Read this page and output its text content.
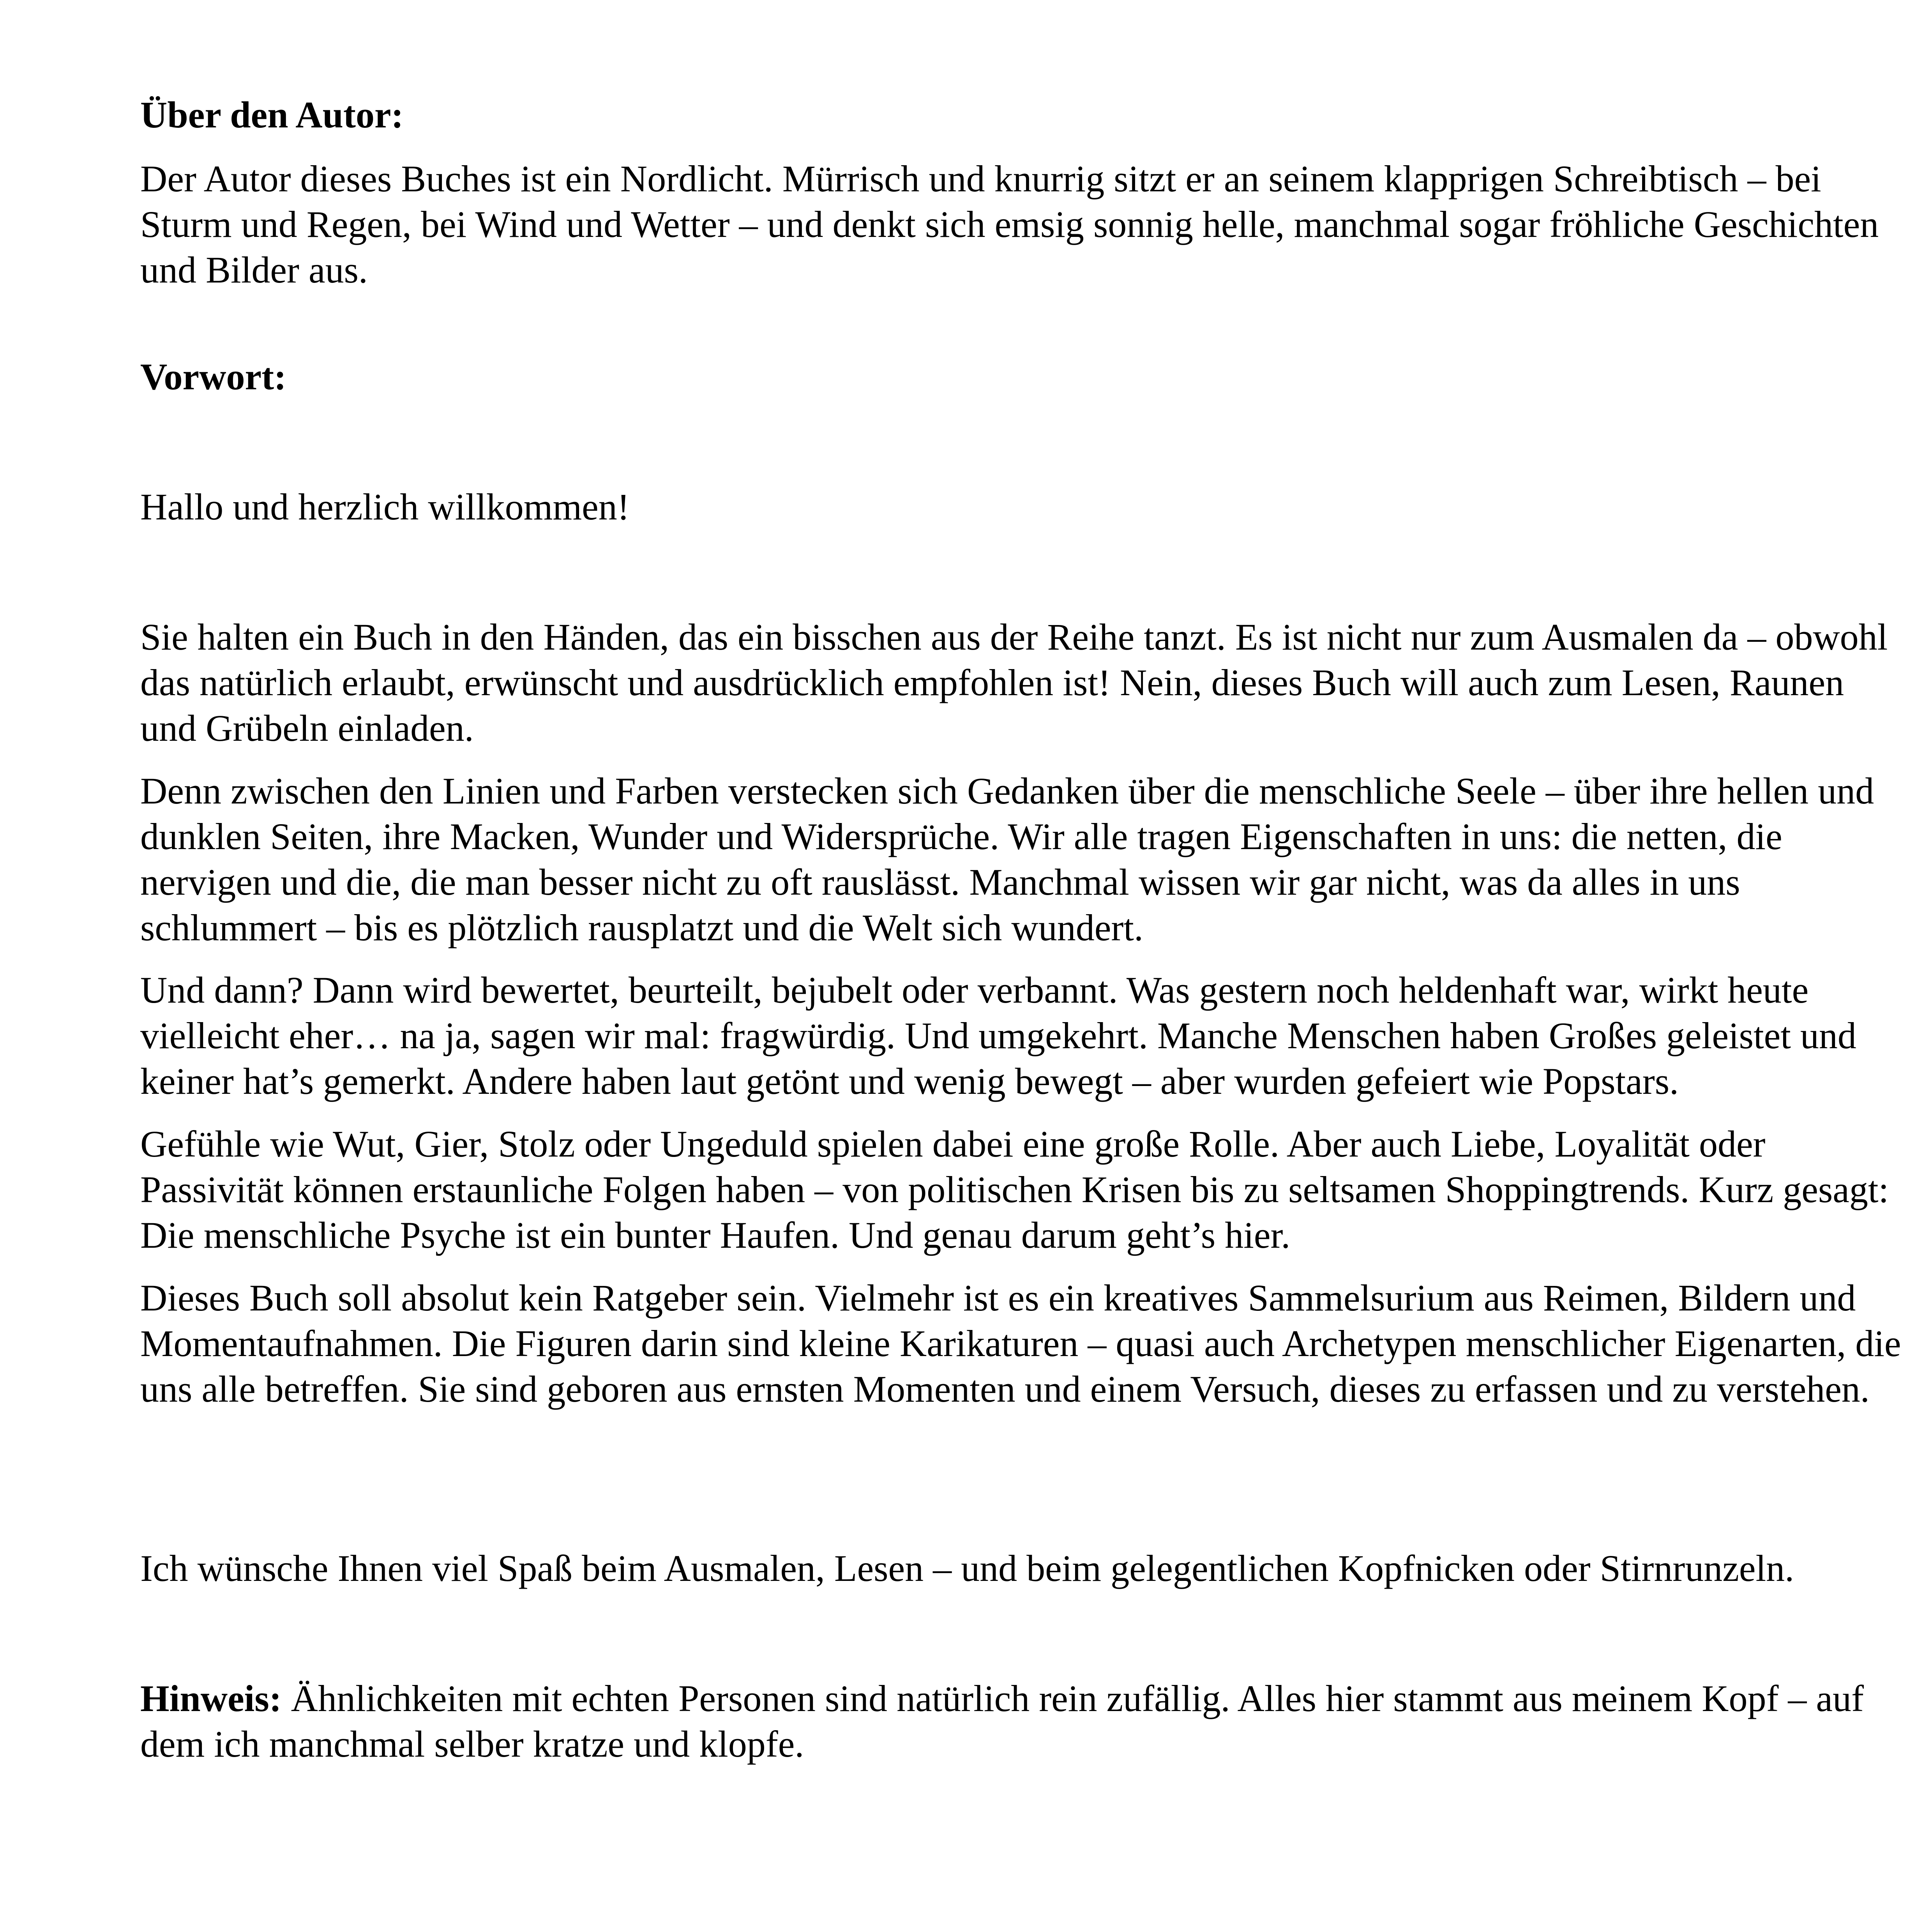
Über den Autor:

Der Autor dieses Buches ist ein Nordlicht. Mürrisch und knurrig sitzt er an seinem klapprigen Schreibtisch – bei Sturm und Regen, bei Wind und Wetter – und denkt sich emsig sonnig helle, manchmal sogar fröhliche Geschichten und Bilder aus.

Vorwort:

Hallo und herzlich willkommen!

Sie halten ein Buch in den Händen, das ein bisschen aus der Reihe tanzt. Es ist nicht nur zum Ausmalen da – obwohl das natürlich erlaubt, erwünscht und ausdrücklich empfohlen ist! Nein, dieses Buch will auch zum Lesen, Raunen und Grübeln einladen.

Denn zwischen den Linien und Farben verstecken sich Gedanken über die menschliche Seele – über ihre hellen und dunklen Seiten, ihre Macken, Wunder und Widersprüche. Wir alle tragen Eigenschaften in uns: die netten, die nervigen und die, die man besser nicht zu oft rauslässt. Manchmal wissen wir gar nicht, was da alles in uns schlummert – bis es plötzlich rausplatzt und die Welt sich wundert.

Und dann? Dann wird bewertet, beurteilt, bejubelt oder verbannt. Was gestern noch heldenhaft war, wirkt heute vielleicht eher… na ja, sagen wir mal: fragwürdig. Und umgekehrt. Manche Menschen haben Großes geleistet und keiner hat’s gemerkt. Andere haben laut getönt und wenig bewegt – aber wurden gefeiert wie Popstars.

Gefühle wie Wut, Gier, Stolz oder Ungeduld spielen dabei eine große Rolle. Aber auch Liebe, Loyalität oder Passivität können erstaunliche Folgen haben – von politischen Krisen bis zu seltsamen Shoppingtrends. Kurz gesagt: Die menschliche Psyche ist ein bunter Haufen. Und genau darum geht’s hier.

Dieses Buch soll absolut kein Ratgeber sein. Vielmehr ist es ein kreatives Sammelsurium aus Reimen, Bildern und Momentaufnahmen. Die Figuren darin sind kleine Karikaturen – quasi auch Archetypen menschlicher Eigenarten, die uns alle betreffen. Sie sind geboren aus ernsten Momenten und einem Versuch, dieses zu erfassen und zu verstehen.

Ich wünsche Ihnen viel Spaß beim Ausmalen, Lesen – und beim gelegentlichen Kopfnicken oder Stirnrunzeln.

Hinweis: Ähnlichkeiten mit echten Personen sind natürlich rein zufällig. Alles hier stammt aus meinem Kopf – auf dem ich manchmal selber kratze und klopfe.
